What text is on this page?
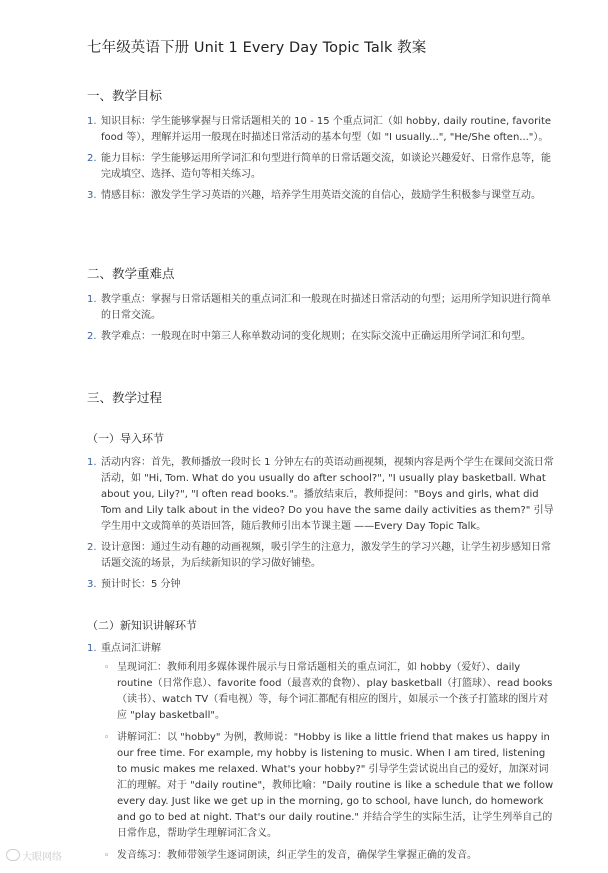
七年级英语下册 Unit 1 Every Day Topic Talk 教案
一、教学目标
1. 知识目标：学生能够掌握与日常话题相关的 10 - 15 个重点词汇（如 hobby, daily routine, favorite food 等），理解并运用一般现在时描述日常活动的基本句型（如 "I usually...", "He/She often..."）。
2. 能力目标：学生能够运用所学词汇和句型进行简单的日常话题交流，如谈论兴趣爱好、日常作息等，能完成填空、选择、造句等相关练习。
3. 情感目标：激发学生学习英语的兴趣，培养学生用英语交流的自信心，鼓励学生积极参与课堂互动。
二、教学重难点
1. 教学重点：掌握与日常话题相关的重点词汇和一般现在时描述日常活动的句型；运用所学知识进行简单的日常交流。
2. 教学难点：一般现在时中第三人称单数动词的变化规则；在实际交流中正确运用所学词汇和句型。
三、教学过程
（一）导入环节
1. 活动内容：首先，教师播放一段时长 1 分钟左右的英语动画视频，视频内容是两个学生在课间交流日常活动，如 "Hi, Tom. What do you usually do after school?", "I usually play basketball. What about you, Lily?", "I often read books."。播放结束后，教师提问："Boys and girls, what did Tom and Lily talk about in the video? Do you have the same daily activities as them?" 引导学生用中文或简单的英语回答，随后教师引出本节课主题 ——Every Day Topic Talk。
2. 设计意图：通过生动有趣的动画视频，吸引学生的注意力，激发学生的学习兴趣，让学生初步感知日常话题交流的场景，为后续新知识的学习做好铺垫。
3. 预计时长：5 分钟
（二）新知识讲解环节
1. 重点词汇讲解
◦ 呈现词汇：教师利用多媒体课件展示与日常话题相关的重点词汇，如 hobby（爱好）、daily routine（日常作息）、favorite food（最喜欢的食物）、play basketball（打篮球）、read books（读书）、watch TV（看电视）等，每个词汇都配有相应的图片，如展示一个孩子打篮球的图片对应 "play basketball"。
◦ 讲解词汇：以 "hobby" 为例，教师说："Hobby is like a little friend that makes us happy in our free time. For example, my hobby is listening to music. When I am tired, listening to music makes me relaxed. What's your hobby?" 引导学生尝试说出自己的爱好，加深对词汇的理解。对于 "daily routine"，教师比喻："Daily routine is like a schedule that we follow every day. Just like we get up in the morning, go to school, have lunch, do homework and go to bed at night. That's our daily routine." 并结合学生的实际生活，让学生列举自己的日常作息，帮助学生理解词汇含义。
◦ 发音练习：教师带领学生逐词朗读，纠正学生的发音，确保学生掌握正确的发音。
大眼网络
